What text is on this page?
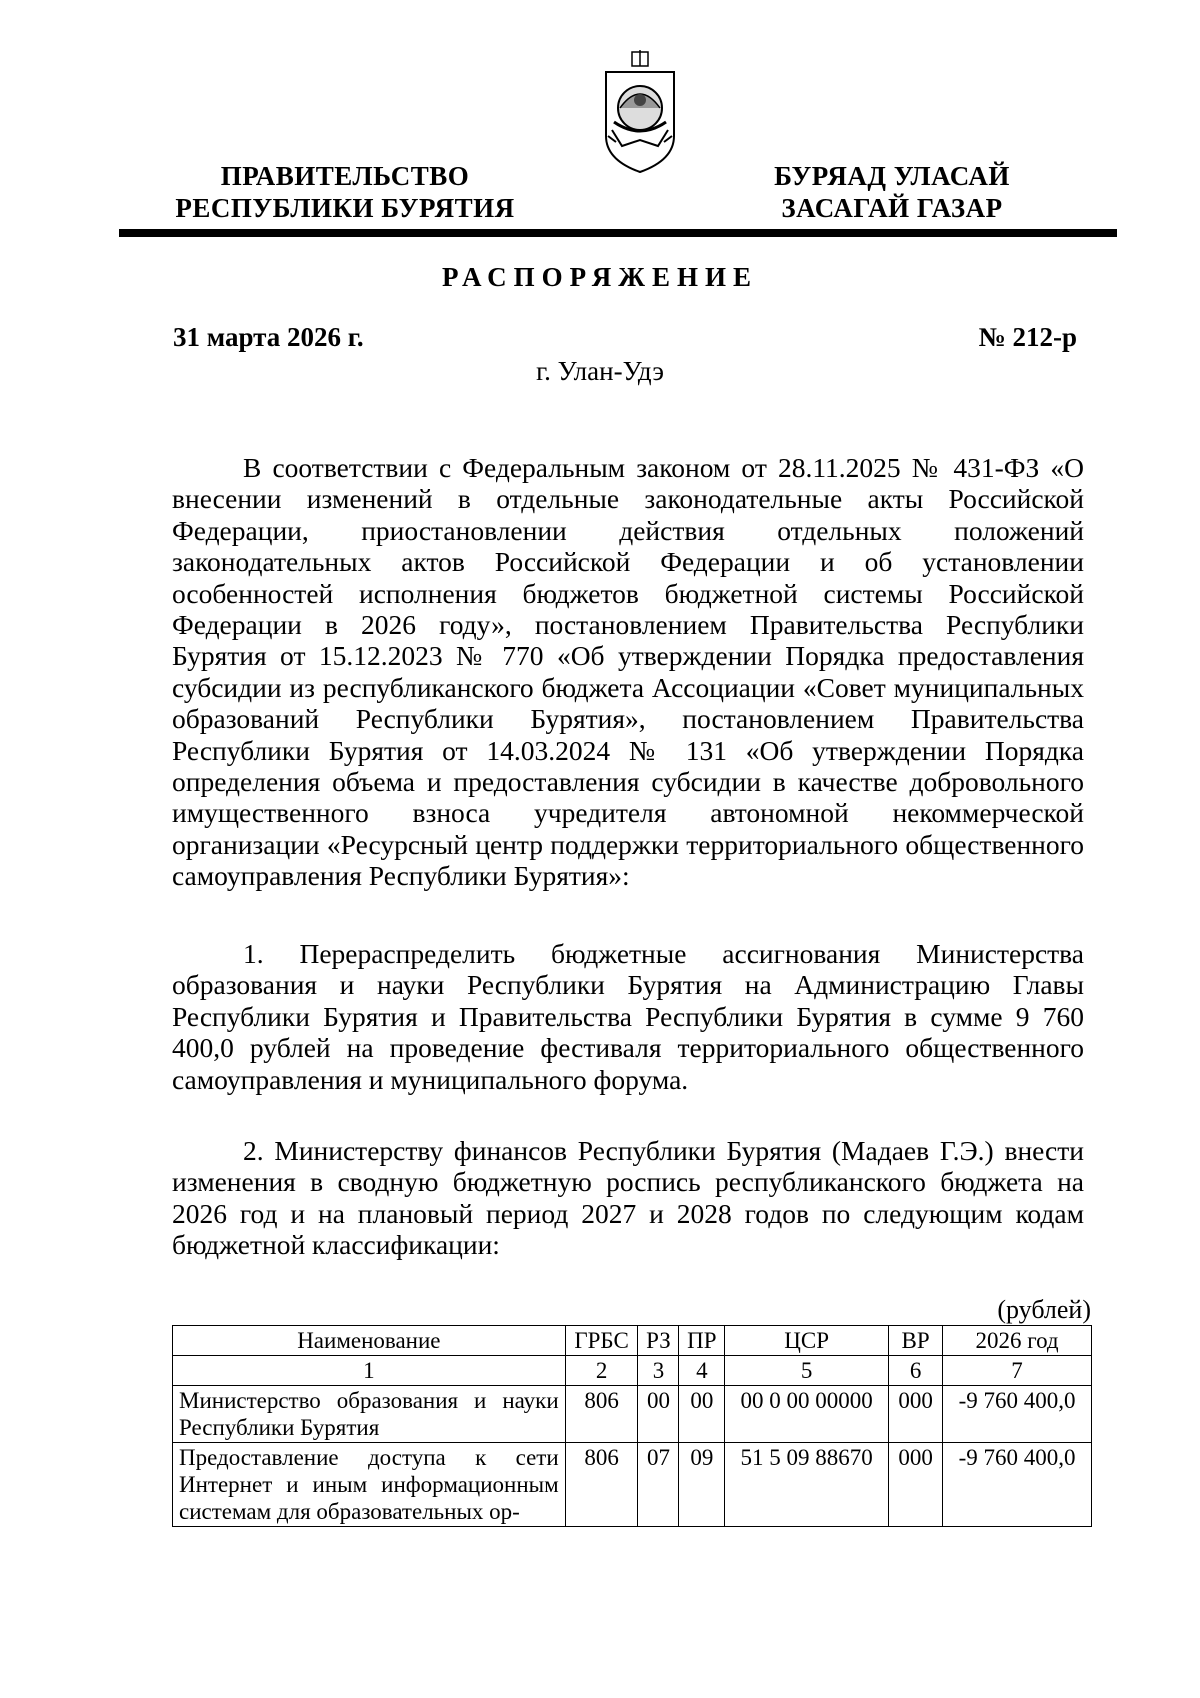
ПРАВИТЕЛЬСТВО
РЕСПУБЛИКИ БУРЯТИЯ
БУРЯАД УЛАСАЙ
ЗАСАГАЙ ГАЗАР
РАСПОРЯЖЕНИЕ
31 марта 2026 г.	№ 212-р
г. Улан-Удэ

В соответствии с Федеральным законом от 28.11.2025 № 431-ФЗ «О внесении изменений в отдельные законодательные акты Российской Федерации, приостановлении действия отдельных положений законодательных актов Российской Федерации и об установлении особенностей исполнения бюджетов бюджетной системы Российской Федерации в 2026 году», постановлением Правительства Республики Бурятия от 15.12.2023 № 770 «Об утверждении Порядка предоставления субсидии из республиканского бюджета Ассоциации «Совет муниципальных образований Республики Бурятия», постановлением Правительства Республики Бурятия от 14.03.2024 № 131 «Об утверждении Порядка определения объема и предоставления субсидии в качестве добровольного имущественного взноса учредителя автономной некоммерческой организации «Ресурсный центр поддержки территориального общественного самоуправления Республики Бурятия»:

1. Перераспределить бюджетные ассигнования Министерства образования и науки Республики Бурятия на Администрацию Главы Республики Бурятия и Правительства Республики Бурятия в сумме 9 760 400,0 рублей на проведение фестиваля территориального общественного самоуправления и муниципального форума.

2. Министерству финансов Республики Бурятия (Мадаев Г.Э.) внести изменения в сводную бюджетную роспись республиканского бюджета на 2026 год и на плановый период 2027 и 2028 годов по следующим кодам бюджетной классификации:

(рублей)
Наименование	ГРБС	РЗ	ПР	ЦСР	ВР	2026 год
1	2	3	4	5	6	7
Министерство образования и науки Республики Бурятия	806	00	00	00 0 00 00000	000	-9 760 400,0
Предоставление доступа к сети Интернет и иным информационным системам для образовательных ор-	806	07	09	51 5 09 88670	000	-9 760 400,0
